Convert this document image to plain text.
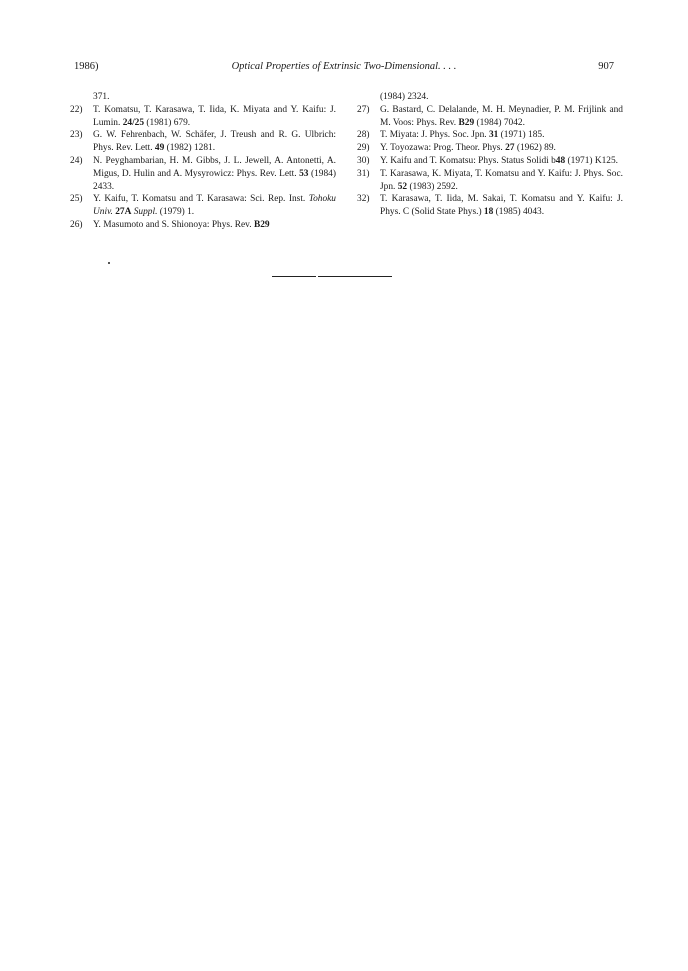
1986)	Optical Properties of Extrinsic Two-Dimensional. . . .	907
371.
22) T. Komatsu, T. Karasawa, T. Iida, K. Miyata and Y. Kaifu: J. Lumin. 24/25 (1981) 679.
23) G. W. Fehrenbach, W. Schäfer, J. Treush and R. G. Ulbrich: Phys. Rev. Lett. 49 (1982) 1281.
24) N. Peyghambarian, H. M. Gibbs, J. L. Jewell, A. Antonetti, A. Migus, D. Hulin and A. Mysyrowicz: Phys. Rev. Lett. 53 (1984) 2433.
25) Y. Kaifu, T. Komatsu and T. Karasawa: Sci. Rep. Inst. Tohoku Univ. 27A Suppl. (1979) 1.
26) Y. Masumoto and S. Shionoya: Phys. Rev. B29
(1984) 2324.
27) G. Bastard, C. Delalande, M. H. Meynadier, P. M. Frijlink and M. Voos: Phys. Rev. B29 (1984) 7042.
28) T. Miyata: J. Phys. Soc. Jpn. 31 (1971) 185.
29) Y. Toyozawa: Prog. Theor. Phys. 27 (1962) 89.
30) Y. Kaifu and T. Komatsu: Phys. Status Solidi b48 (1971) K125.
31) T. Karasawa, K. Miyata, T. Komatsu and Y. Kaifu: J. Phys. Soc. Jpn. 52 (1983) 2592.
32) T. Karasawa, T. Iida, M. Sakai, T. Komatsu and Y. Kaifu: J. Phys. C (Solid State Phys.) 18 (1985) 4043.
